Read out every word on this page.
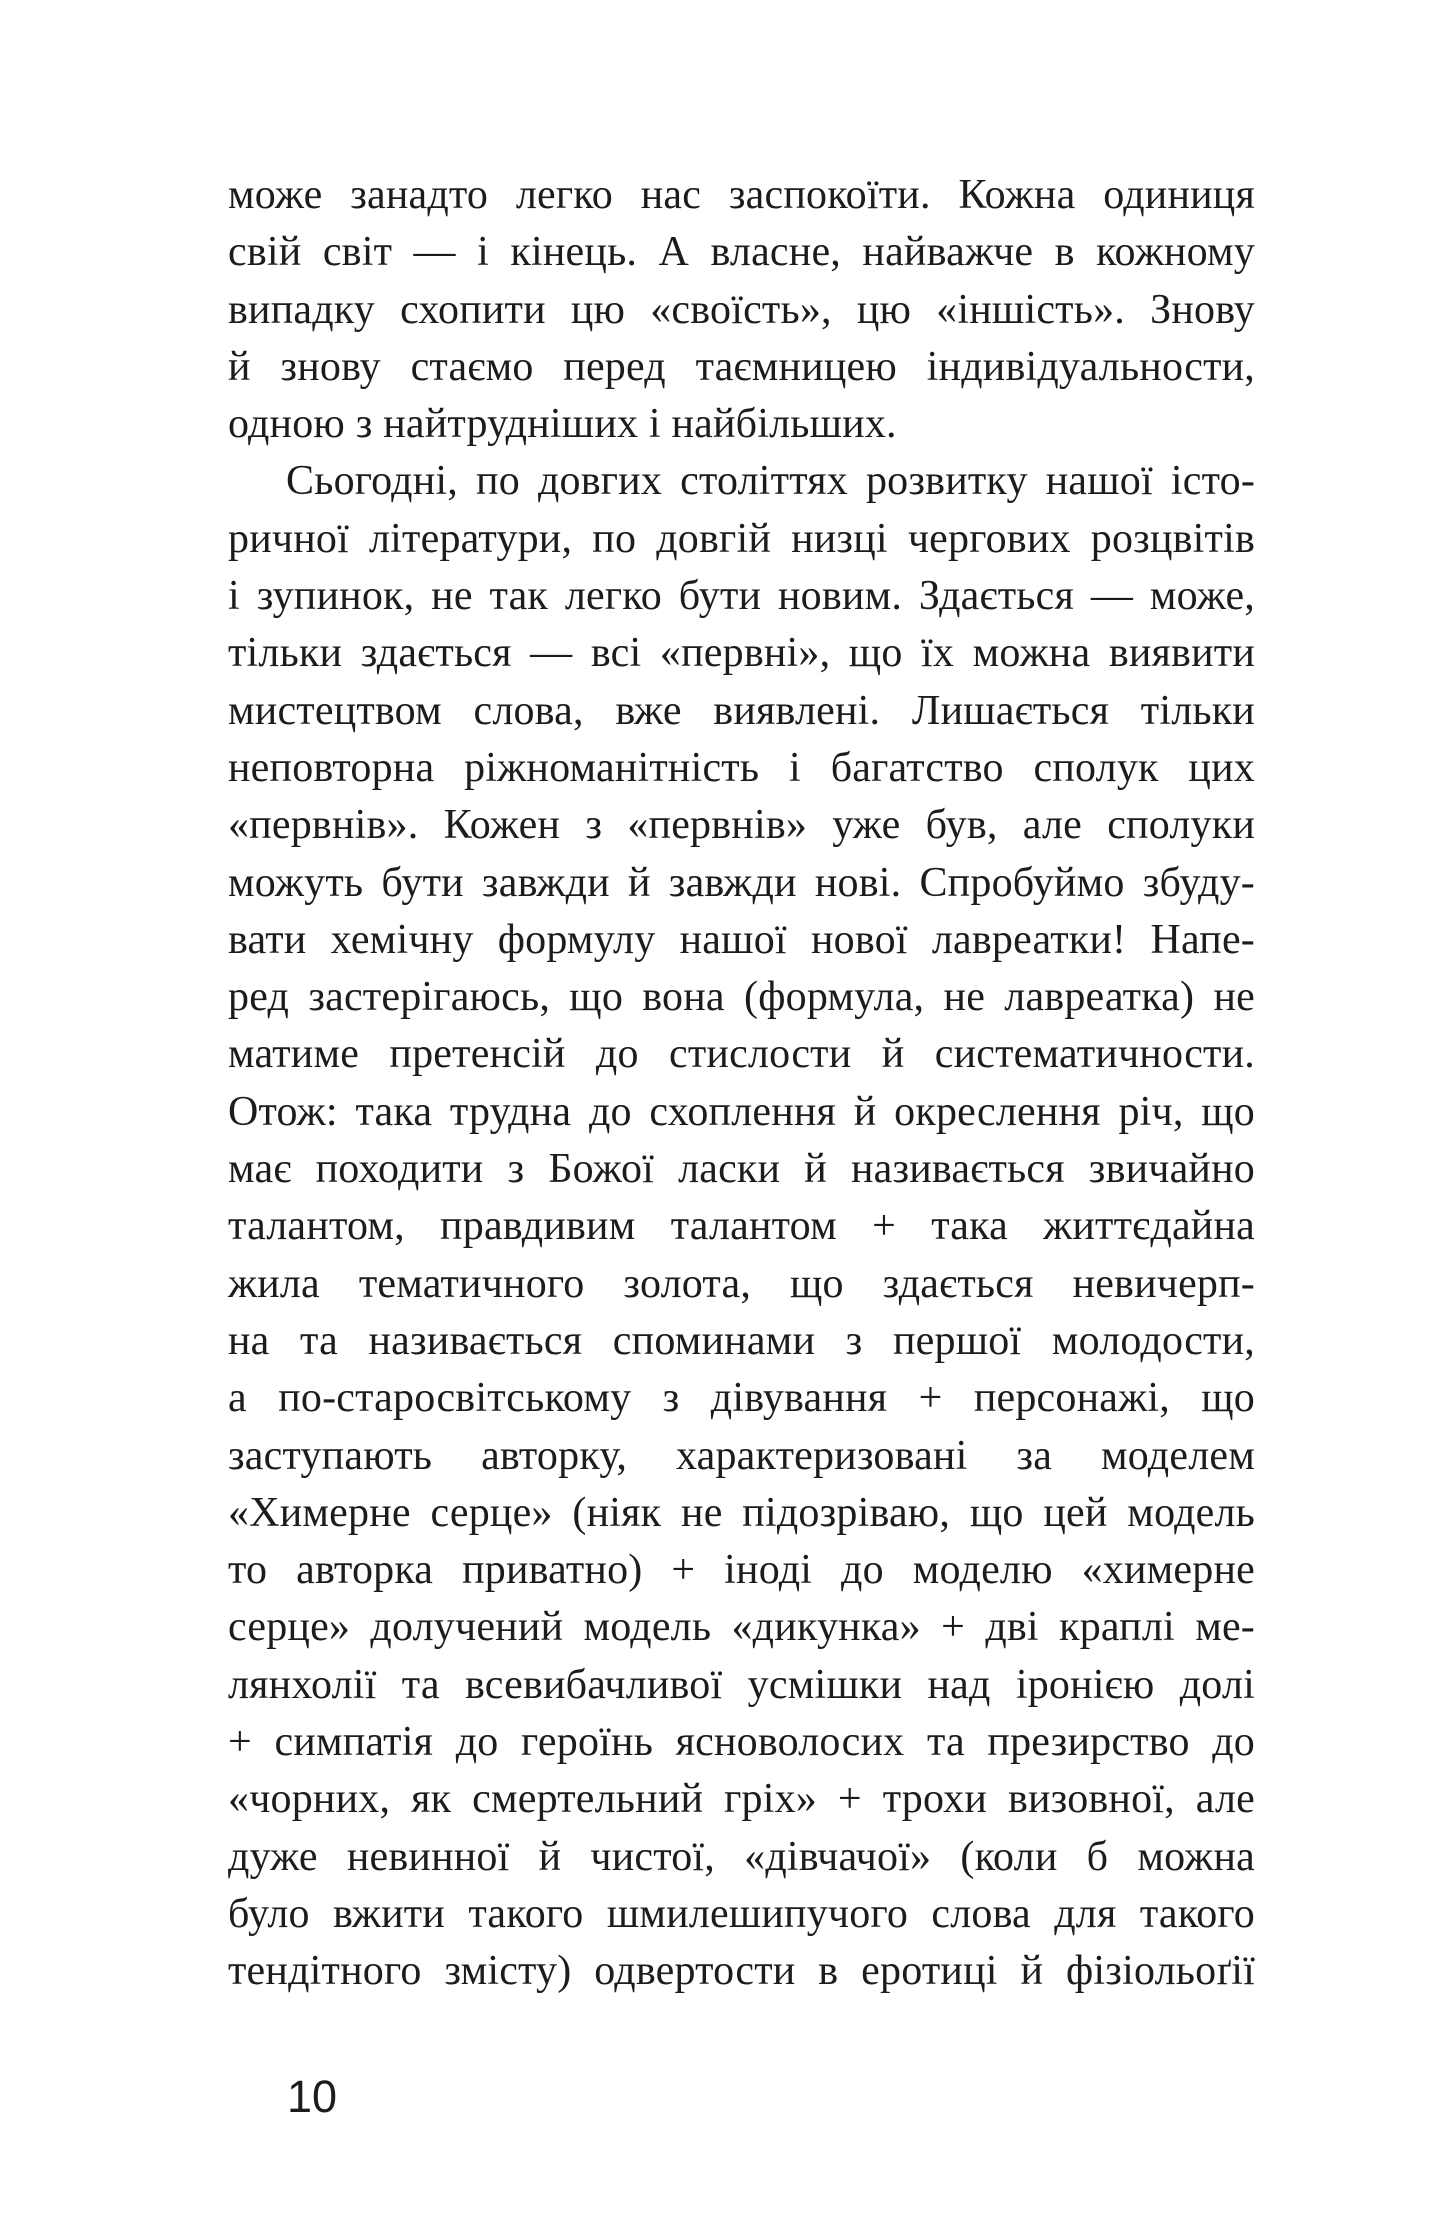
може занадто легко нас заспокоїти. Кожна одиниця
свій світ — і кінець. А власне, найважче в кожному
випадку схопити цю «своїсть», цю «іншість». Знову
й знову стаємо перед таємницею індивідуальности,
одною з найтрудніших і найбільших.
Сьогодні, по довгих століттях розвитку нашої істо-
ричної літератури, по довгій низці чергових розцвітів
і зупинок, не так легко бути новим. Здається — може,
тільки здається — всі «первні», що їх можна виявити
мистецтвом слова, вже виявлені. Лишається тільки
неповторна ріжноманітність і багатство сполук цих
«первнів». Кожен з «первнів» уже був, але сполуки
можуть бути завжди й завжди нові. Спробуймо збуду-
вати хемічну формулу нашої нової лавреатки! Напе-
ред застерігаюсь, що вона (формула, не лавреатка) не
матиме претенсій до стислости й систематичности.
Отож: така трудна до схоплення й окреслення річ, що
має походити з Божої ласки й називається звичайно
талантом, правдивим талантом + така життєдайна
жила тематичного золота, що здається невичерп-
на та називається споминами з першої молодости,
а по-старосвітському з дівування + персонажі, що
заступають авторку, характеризовані за моделем
«Химерне серце» (ніяк не підозріваю, що цей модель
то авторка приватно) + іноді до моделю «химерне
серце» долучений модель «дикунка» + дві краплі ме-
лянхолії та всевибачливої усмішки над іронією долі
+ симпатія до героїнь ясноволосих та презирство до
«чорних, як смертельний гріх» + трохи визовної, але
дуже невинної й чистої, «дівчачої» (коли б можна
було вжити такого шмилешипучого слова для такого
тендітного змісту) одвертости в еротиці й фізіольоґії
10
